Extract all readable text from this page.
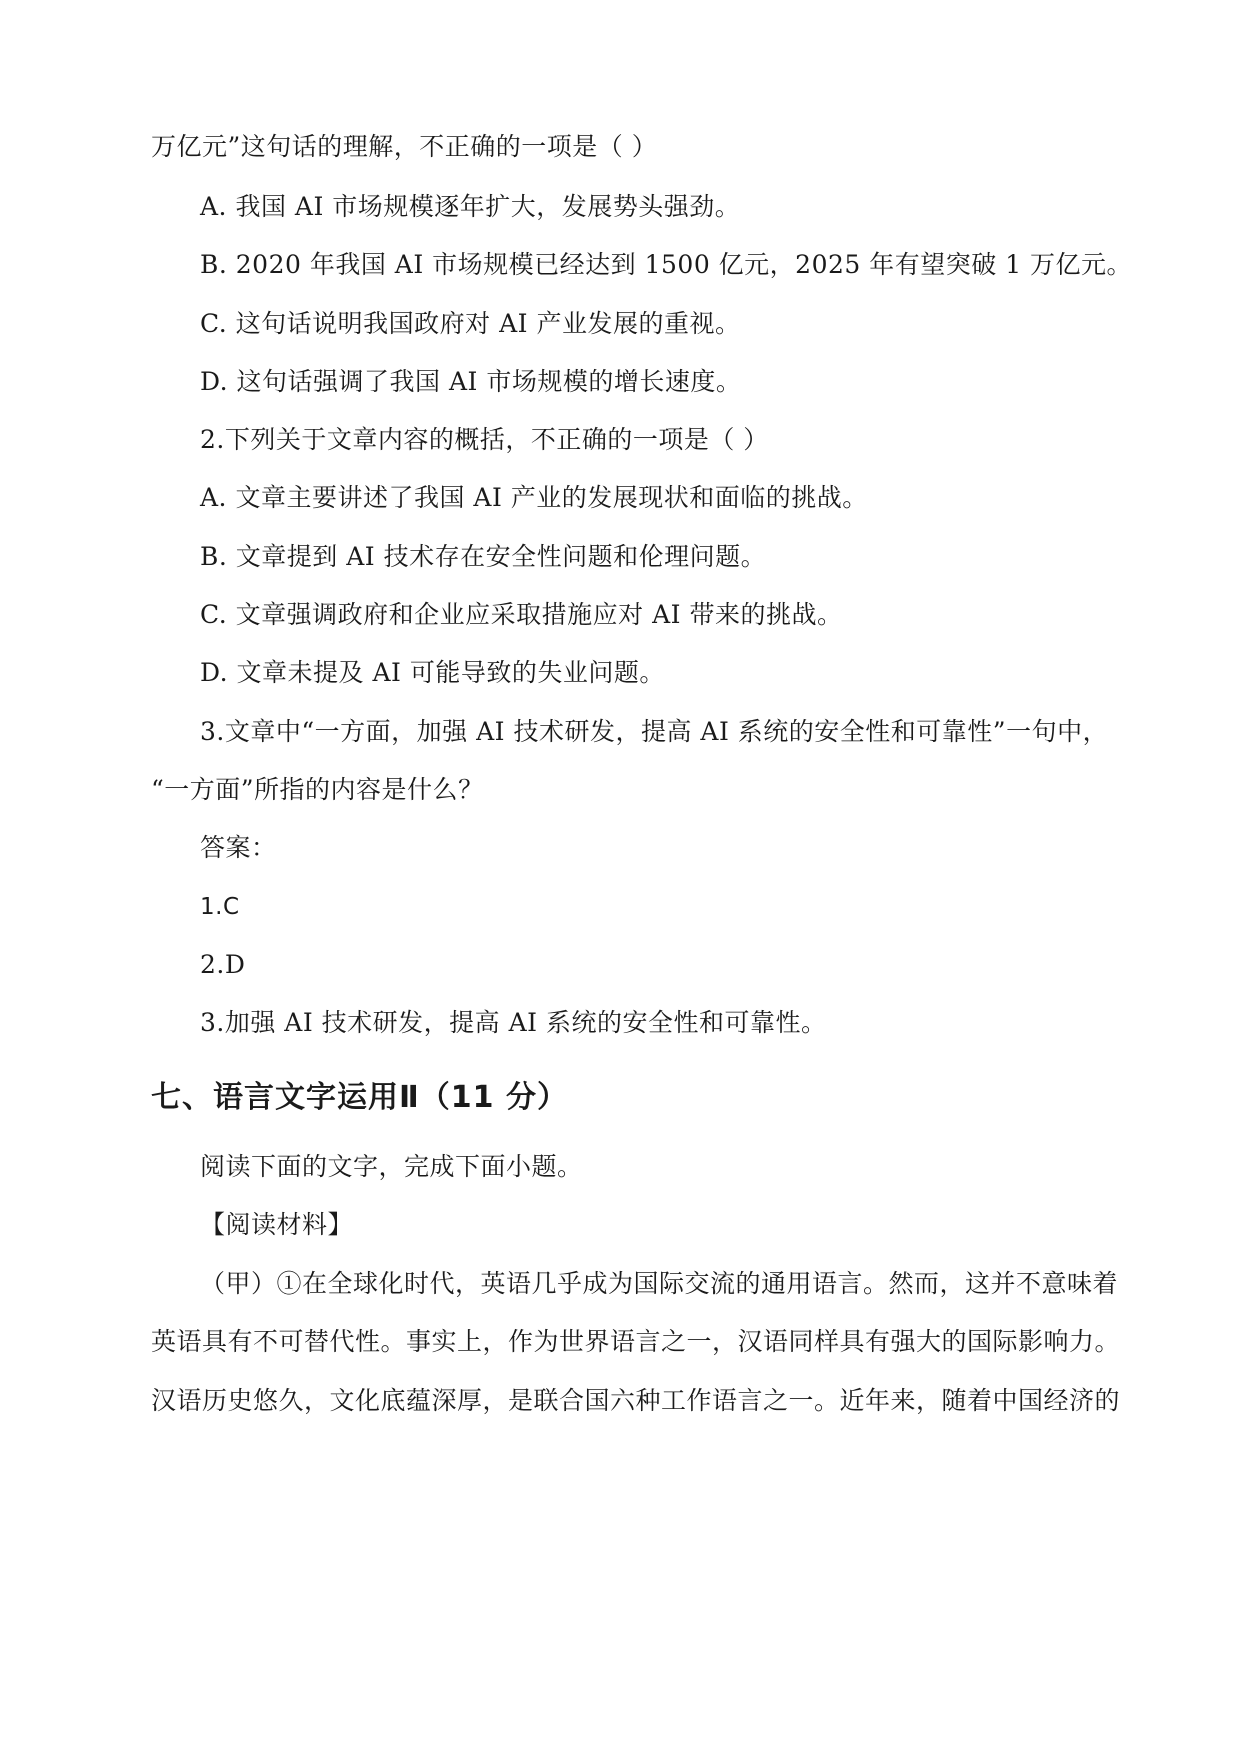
万亿元”这句话的理解，不正确的一项是（ ）

A. 我国 AI 市场规模逐年扩大，发展势头强劲。

B. 2020 年我国 AI 市场规模已经达到 1500 亿元，2025 年有望突破 1 万亿元。

C. 这句话说明我国政府对 AI 产业发展的重视。

D. 这句话强调了我国 AI 市场规模的增长速度。

2.下列关于文章内容的概括，不正确的一项是（ ）

A. 文章主要讲述了我国 AI 产业的发展现状和面临的挑战。

B. 文章提到 AI 技术存在安全性问题和伦理问题。

C. 文章强调政府和企业应采取措施应对 AI 带来的挑战。

D. 文章未提及 AI 可能导致的失业问题。

3.文章中“一方面，加强 AI 技术研发，提高 AI 系统的安全性和可靠性”一句中，

“一方面”所指的内容是什么？

答案：

1.C

2.D

3.加强 AI 技术研发，提高 AI 系统的安全性和可靠性。

七、语言文字运用Ⅱ（11 分）

阅读下面的文字，完成下面小题。

【阅读材料】

（甲）①在全球化时代，英语几乎成为国际交流的通用语言。然而，这并不意味着

英语具有不可替代性。事实上，作为世界语言之一，汉语同样具有强大的国际影响力。

汉语历史悠久，文化底蕴深厚，是联合国六种工作语言之一。近年来，随着中国经济的
